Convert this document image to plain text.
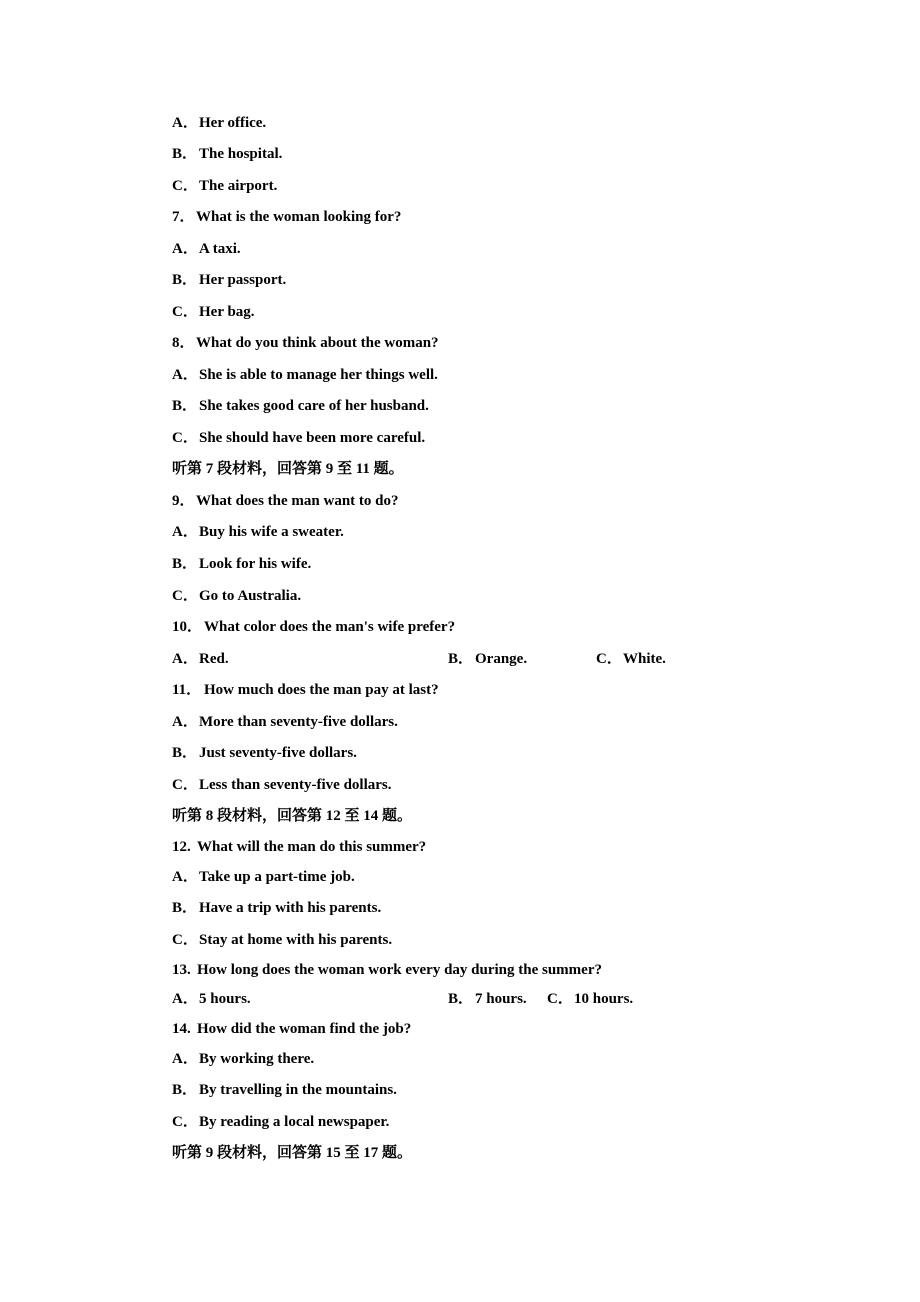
A．Her office.
B． The hospital.
C．The airport.
7．What is the woman looking for?
A．A taxi.
B． Her passport.
C．Her bag.
8．What do you think about the woman?
A．She is able to manage her things well.
B． She takes good care of her husband.
C．She should have been more careful.
听第 7 段材料，回答第 9 至 11 题。
9．What does the man want to do?
A．Buy his wife a sweater.
B． Look for his wife.
C．Go to Australia.
10． What color does the man's wife prefer?
A．Red.	B． Orange.	C．White.
11． How much does the man pay at last?
A．More than seventy-five dollars.
B． Just seventy-five dollars.
C．Less than seventy-five dollars.
听第 8 段材料，回答第 12 至 14 题。
12. What will the man do this summer?
A．Take up a part-time job.
B． Have a trip with his parents.
C．Stay at home with his parents.
13. How long does the woman work every day during the summer?
A．5 hours.	B． 7 hours. C．10 hours.
14. How did the woman find the job?
A．By working there.
B． By travelling in the mountains.
C．By reading a local newspaper.
听第 9 段材料，回答第 15 至 17 题。
